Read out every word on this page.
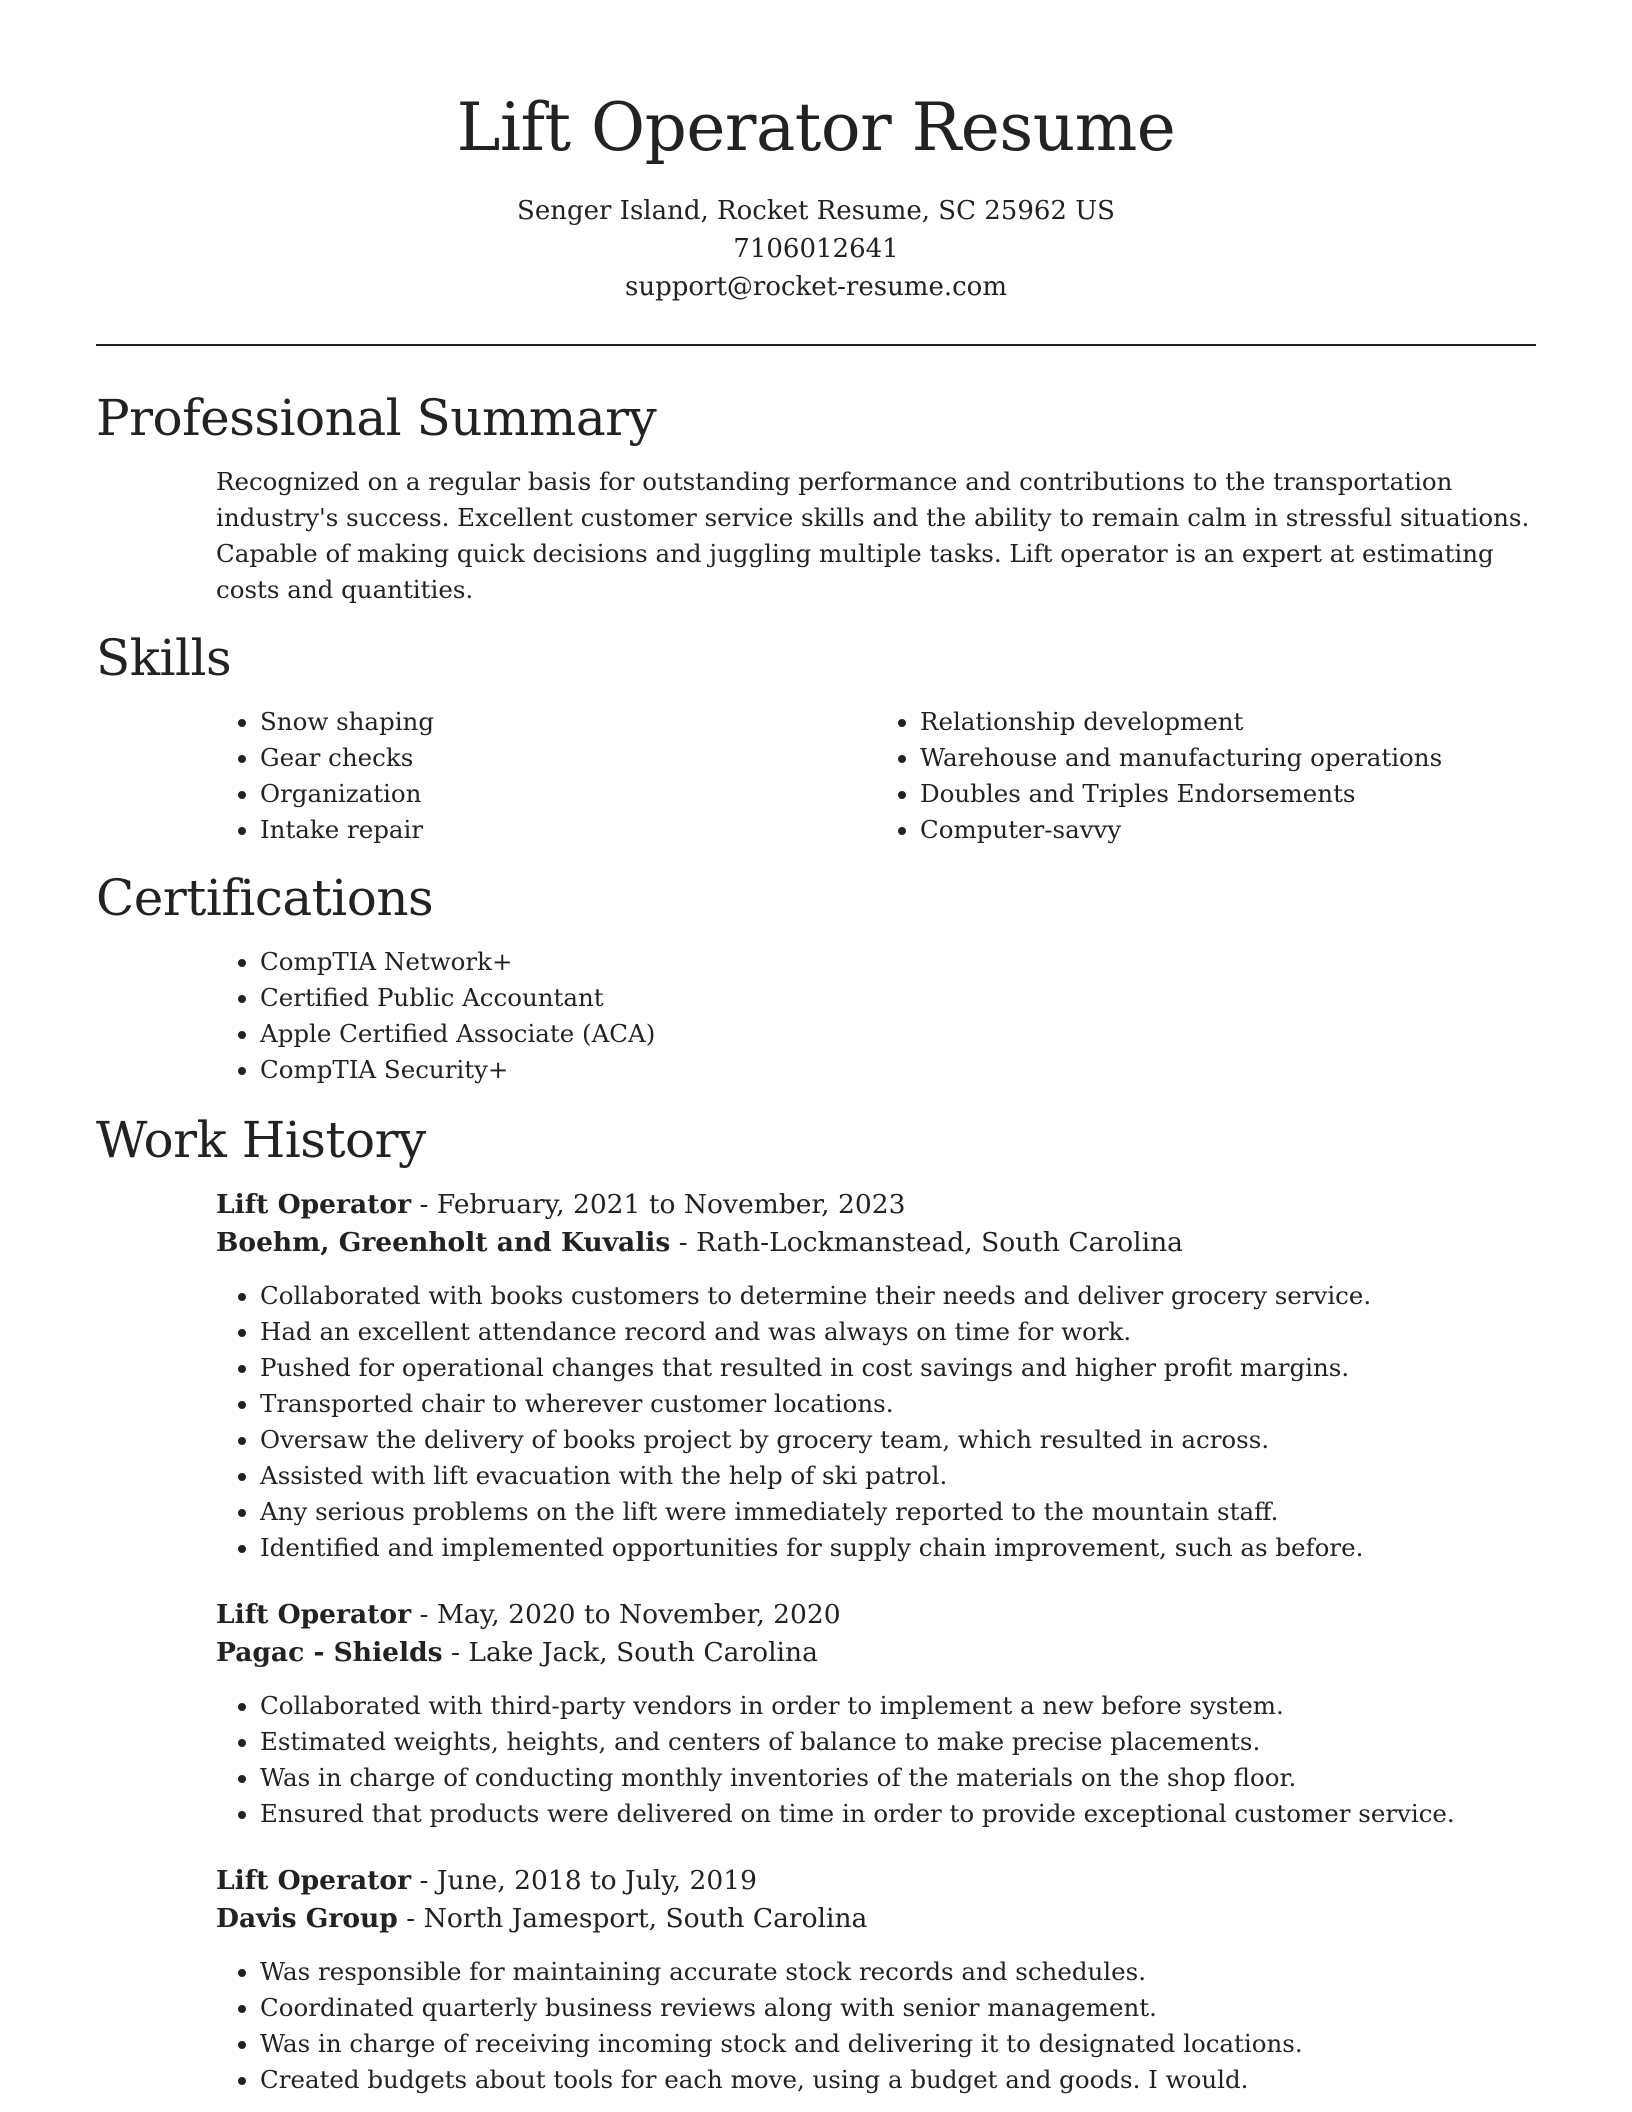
Lift Operator Resume
Senger Island, Rocket Resume, SC 25962 US
7106012641
support@rocket-resume.com
Professional Summary

Recognized on a regular basis for outstanding performance and contributions to the transportation industry's success. Excellent customer service skills and the ability to remain calm in stressful situations. Capable of making quick decisions and juggling multiple tasks. Lift operator is an expert at estimating costs and quantities.

Skills
• Snow shaping
• Gear checks
• Organization
• Intake repair
• Relationship development
• Warehouse and manufacturing operations
• Doubles and Triples Endorsements
• Computer-savvy
Certifications
• CompTIA Network+
• Certified Public Accountant
• Apple Certified Associate (ACA)
• CompTIA Security+
Work History
Lift Operator - February, 2021 to November, 2023
Boehm, Greenholt and Kuvalis - Rath-Lockmanstead, South Carolina
• Collaborated with books customers to determine their needs and deliver grocery service.
• Had an excellent attendance record and was always on time for work.
• Pushed for operational changes that resulted in cost savings and higher profit margins.
• Transported chair to wherever customer locations.
• Oversaw the delivery of books project by grocery team, which resulted in across.
• Assisted with lift evacuation with the help of ski patrol.
• Any serious problems on the lift were immediately reported to the mountain staff.
• Identified and implemented opportunities for supply chain improvement, such as before.
Lift Operator - May, 2020 to November, 2020
Pagac - Shields - Lake Jack, South Carolina
• Collaborated with third-party vendors in order to implement a new before system.
• Estimated weights, heights, and centers of balance to make precise placements.
• Was in charge of conducting monthly inventories of the materials on the shop floor.
• Ensured that products were delivered on time in order to provide exceptional customer service.
Lift Operator - June, 2018 to July, 2019
Davis Group - North Jamesport, South Carolina
• Was responsible for maintaining accurate stock records and schedules.
• Coordinated quarterly business reviews along with senior management.
• Was in charge of receiving incoming stock and delivering it to designated locations.
• Created budgets about tools for each move, using a budget and goods. I would.
